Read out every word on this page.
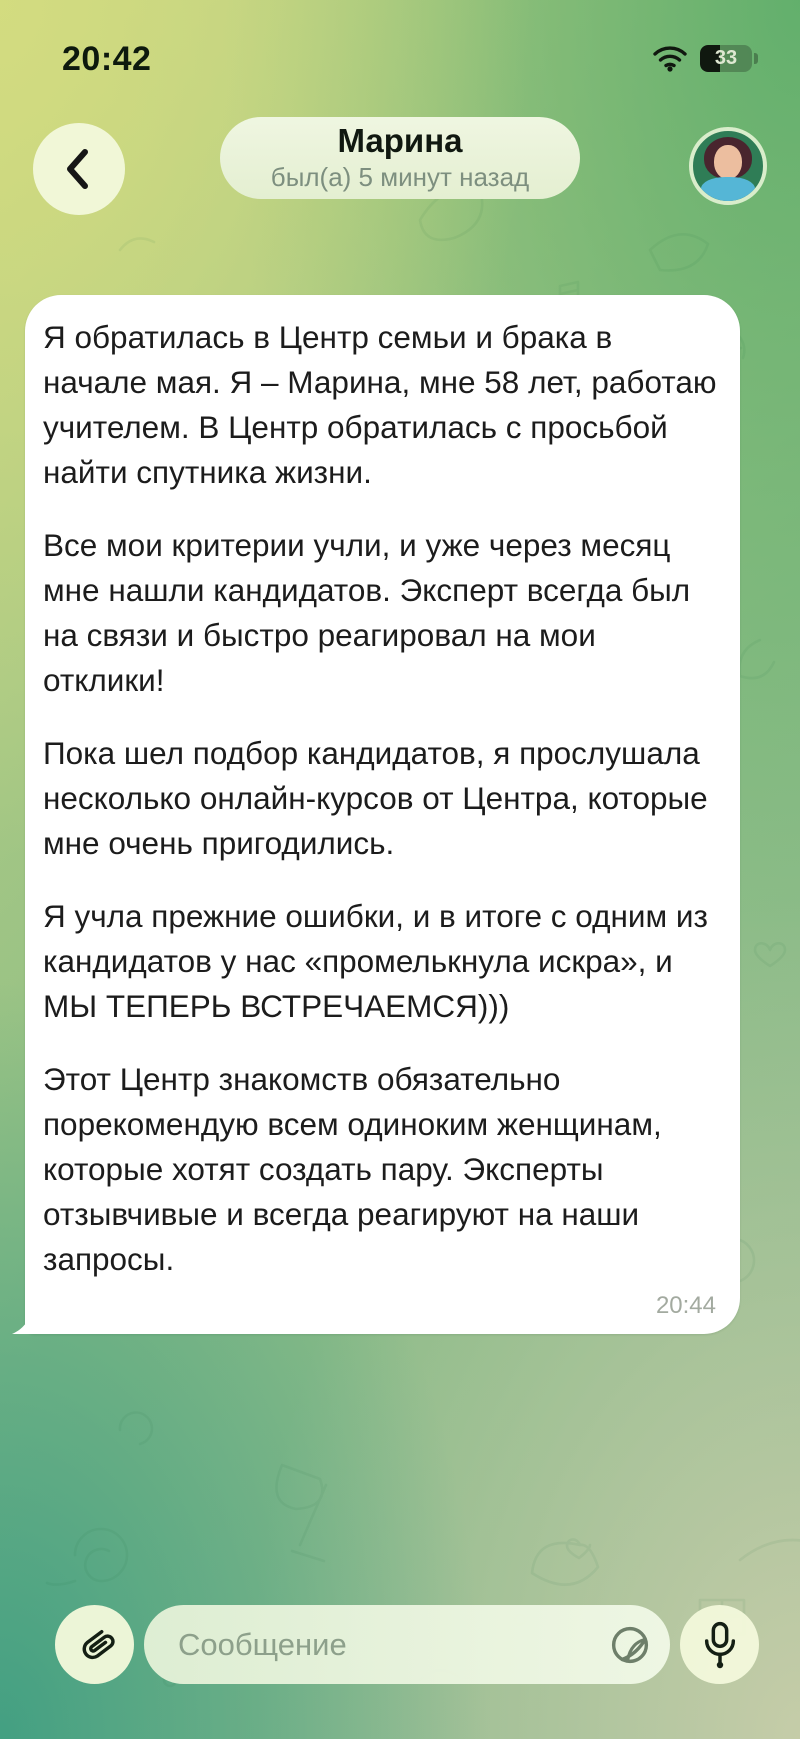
20:42	33
Марина
был(а) 5 минут назад

Я обратилась в Центр семьи и брака в начале мая. Я – Марина, мне 58 лет, работаю учителем. В Центр обратилась с просьбой найти спутника жизни.

Все мои критерии учли, и уже через месяц мне нашли кандидатов. Эксперт всегда был на связи и быстро реагировал на мои отклики!

Пока шел подбор кандидатов, я прослушала несколько онлайн-курсов от Центра, которые мне очень пригодились.

Я учла прежние ошибки, и в итоге с одним из кандидатов у нас «промелькнула искра», и МЫ ТЕПЕРЬ ВСТРЕЧАЕМСЯ)))

Этот Центр знакомств обязательно порекомендую всем одиноким женщинам, которые хотят создать пару. Эксперты отзывчивые и всегда реагируют на наши запросы.

20:44
Сообщение
